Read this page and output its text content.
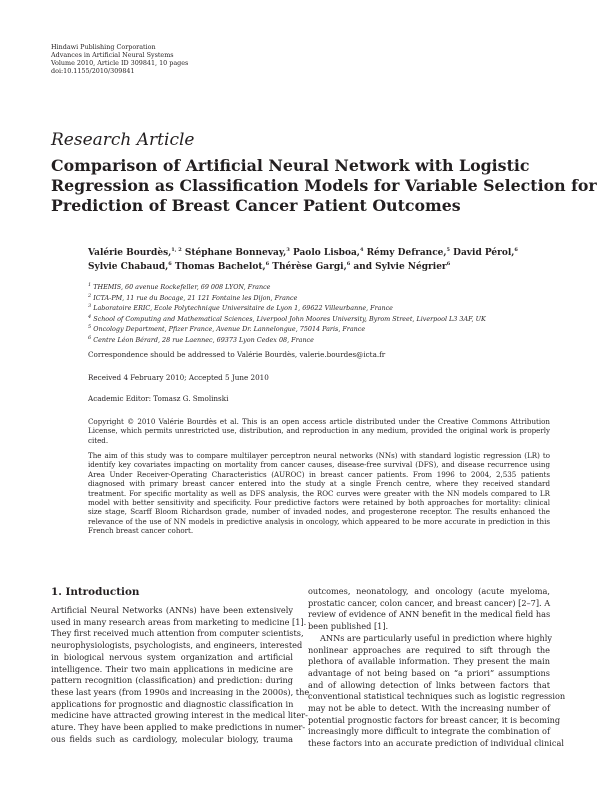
Hindawi Publishing Corporation
Advances in Artificial Neural Systems
Volume 2010, Article ID 309841, 10 pages
doi:10.1155/2010/309841
Research Article
Comparison of Artificial Neural Network with Logistic
Regression as Classification Models for Variable Selection for
Prediction of Breast Cancer Patient Outcomes
Valérie Bourdès,$^{1, 2}$ Stéphane Bonnevay,$^3$ Paolo Lisboa,$^4$ Rémy Defrance,$^5$ David Pérol,$^6$
Sylvie Chabaud,$^6$ Thomas Bachelot,$^6$ Thérèse Gargi,$^6$ and Sylvie Négrier$^6$
$^1$ THEMIS, 60 avenue Rockefeller, 69 008 LYON, France
$^2$ ICTA-PM, 11 rue du Bocage, 21 121 Fontaine les Dijon, France
$^3$ Laboratoire ERIC, Ecole Polytechnique Universitaire de Lyon 1, 69622 Villeurbanne, France
$^4$ School of Computing and Mathematical Sciences, Liverpool John Moores University, Byrom Street, Liverpool L3 3AF, UK
$^5$ Oncology Department, Pfizer France, Avenue Dr. Lannelongue, 75014 Paris, France
$^6$ Centre Léon Bérard, 28 rue Laennec, 69373 Lyon Cedex 08, France
Correspondence should be addressed to Valérie Bourdès, valerie.bourdes@icta.fr
Received 4 February 2010; Accepted 5 June 2010
Academic Editor: Tomasz G. Smolinski

Copyright © 2010 Valérie Bourdès et al. This is an open access article distributed under the Creative Commons Attribution License, which permits unrestricted use, distribution, and reproduction in any medium, provided the original work is properly cited.

The aim of this study was to compare multilayer perceptron neural networks (NNs) with standard logistic regression (LR) to identify key covariates impacting on mortality from cancer causes, disease-free survival (DFS), and disease recurrence using Area Under Receiver-Operating Characteristics (AUROC) in breast cancer patients. From 1996 to 2004, 2,535 patients diagnosed with primary breast cancer entered into the study at a single French centre, where they received standard treatment. For specific mortality as well as DFS analysis, the ROC curves were greater with the NN models compared to LR model with better sensitivity and specificity. Four predictive factors were retained by both approaches for mortality: clinical size stage, Scarff Bloom Richardson grade, number of invaded nodes, and progesterone receptor. The results enhanced the relevance of the use of NN models in predictive analysis in oncology, which appeared to be more accurate in prediction in this French breast cancer cohort.

1. Introduction
Artificial Neural Networks (ANNs) have been extensively
used in many research areas from marketing to medicine [1].
They first received much attention from computer scientists,
neurophysiologists, psychologists, and engineers, interested
in biological nervous system organization and artificial
intelligence. Their two main applications in medicine are
pattern recognition (classification) and prediction: during
these last years (from 1990s and increasing in the 2000s), the
applications for prognostic and diagnostic classification in
medicine have attracted growing interest in the medical liter-
ature. They have been applied to make predictions in numer-
ous fields such as cardiology, molecular biology, trauma
outcomes, neonatology, and oncology (acute myeloma,
prostatic cancer, colon cancer, and breast cancer) [2–7]. A
review of evidence of ANN benefit in the medical field has
been published [1].
ANNs are particularly useful in prediction where highly
nonlinear approaches are required to sift through the
plethora of available information. They present the main
advantage of not being based on “a priori” assumptions
and of allowing detection of links between factors that
conventional statistical techniques such as logistic regression
may not be able to detect. With the increasing number of
potential prognostic factors for breast cancer, it is becoming
increasingly more difficult to integrate the combination of
these factors into an accurate prediction of individual clinical
